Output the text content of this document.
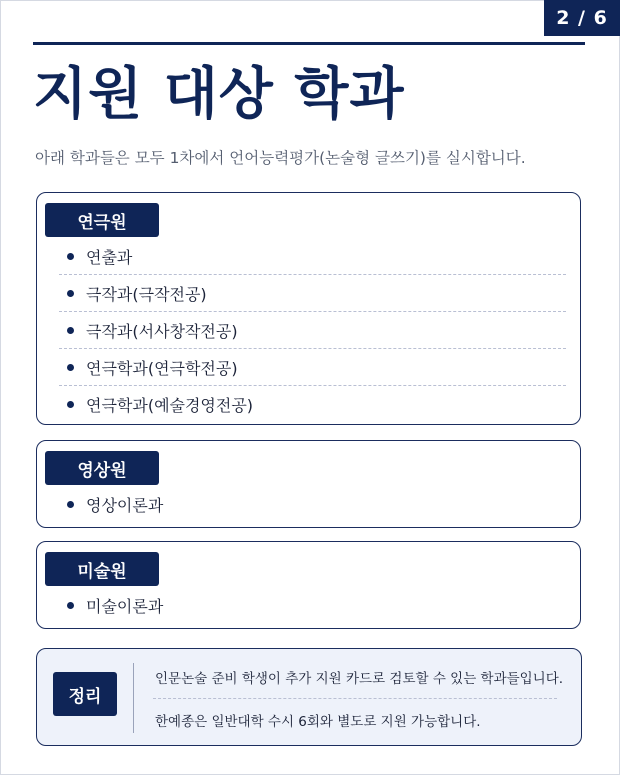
2 / 6
지원 대상 학과

아래 학과들은 모두 1차에서 언어능력평가(논술형 글쓰기)를 실시합니다.

연극원
연출과
극작과(극작전공)
극작과(서사창작전공)
연극학과(연극학전공)
연극학과(예술경영전공)
영상원
영상이론과
미술원
미술이론과
정리
인문논술 준비 학생이 추가 지원 카드로 검토할 수 있는 학과들입니다.
한예종은 일반대학 수시 6회와 별도로 지원 가능합니다.
